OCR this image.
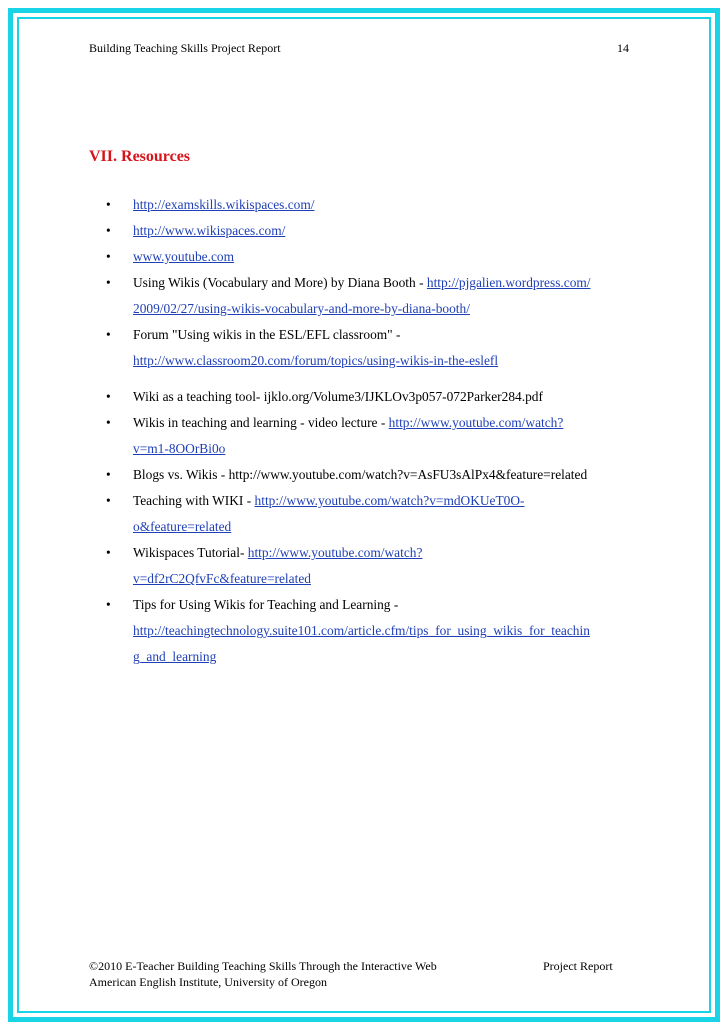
Building Teaching Skills Project Report	14
VII. Resources
• http://examskills.wikispaces.com/
• http://www.wikispaces.com/
• www.youtube.com
• Using Wikis (Vocabulary and More) by Diana Booth - http://pjgalien.wordpress.com/
2009/02/27/using-wikis-vocabulary-and-more-by-diana-booth/
• Forum "Using wikis in the ESL/EFL classroom" -
http://www.classroom20.com/forum/topics/using-wikis-in-the-eslefl
• Wiki as a teaching tool- ijklo.org/Volume3/IJKLOv3p057-072Parker284.pdf
• Wikis in teaching and learning - video lecture - http://www.youtube.com/watch?
v=m1-8OOrBi0o
• Blogs vs. Wikis - http://www.youtube.com/watch?v=AsFU3sAlPx4&feature=related
• Teaching with WIKI - http://www.youtube.com/watch?v=mdOKUeT0O-
o&feature=related
• Wikispaces Tutorial- http://www.youtube.com/watch?
v=df2rC2QfvFc&feature=related
• Tips for Using Wikis for Teaching and Learning -
http://teachingtechnology.suite101.com/article.cfm/tips_for_using_wikis_for_teachin
g_and_learning
©2010 E-Teacher Building Teaching Skills Through the Interactive Web	Project Report
American English Institute, University of Oregon
